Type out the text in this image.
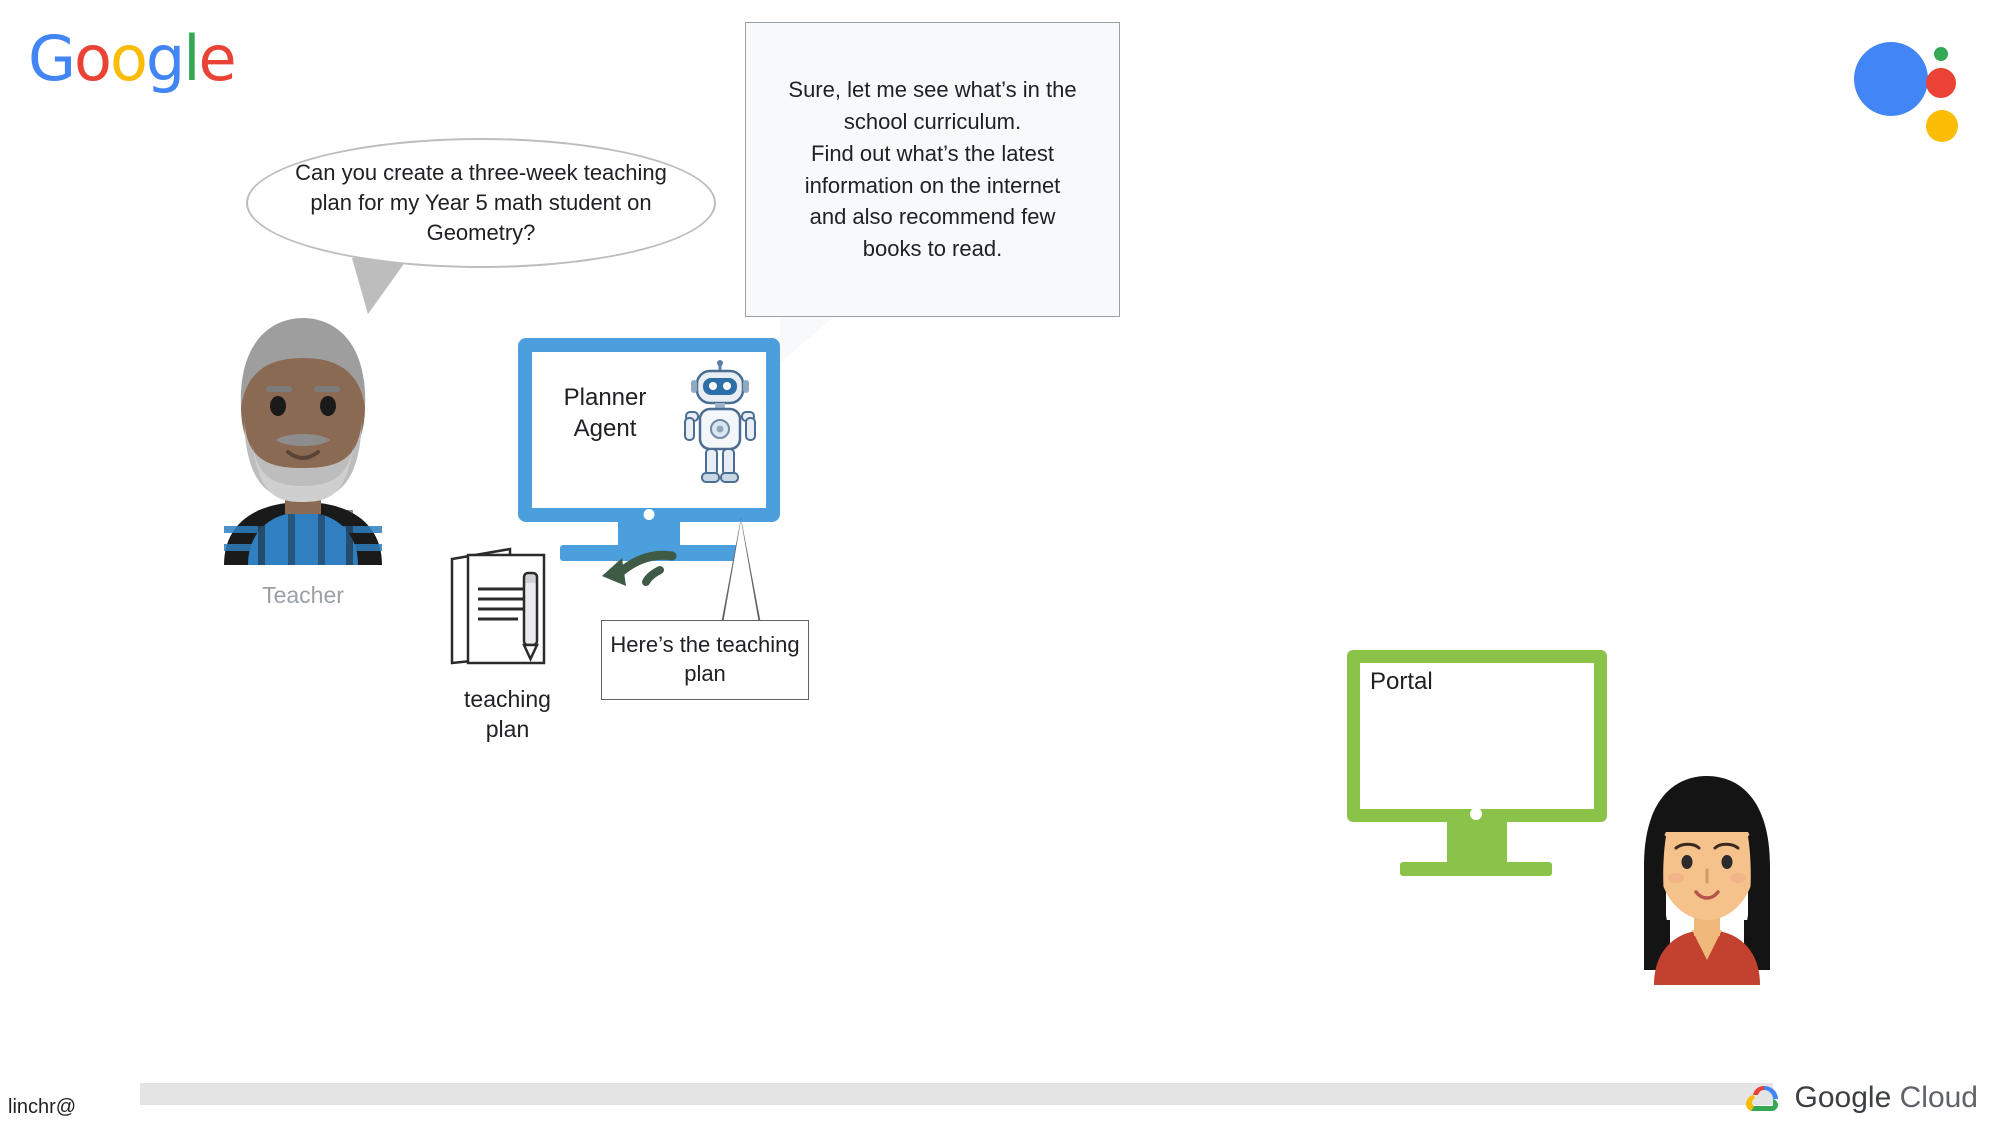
Google
Can you create a three-week teaching plan for my Year 5 math student on Geometry?
Sure, let me see what’s in the
school curriculum.
Find out what’s the latest
information on the internet
and also recommend few
books to read.
Teacher
Planner
Agent
teaching
plan
Here’s the teaching plan	Portal
linchr@	Google Cloud
